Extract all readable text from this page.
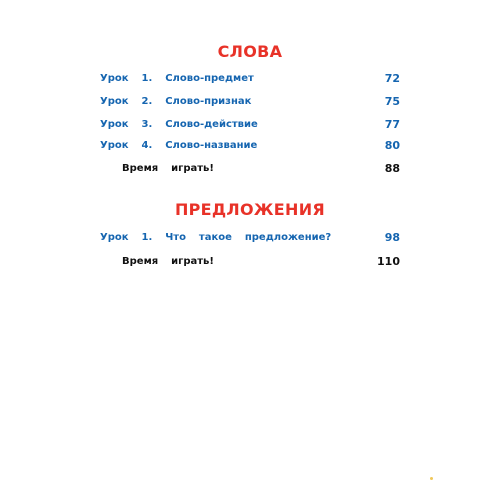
СЛОВА
Урок  1.  Слово-предмет	72
Урок  2.  Слово-признак	75
Урок  3.  Слово-действие	77
Урок  4.  Слово-название	80
Время  играть!	88
ПРЕДЛОЖЕНИЯ
Урок  1.  Что  такое  предложение?	98
Время  играть!	110
